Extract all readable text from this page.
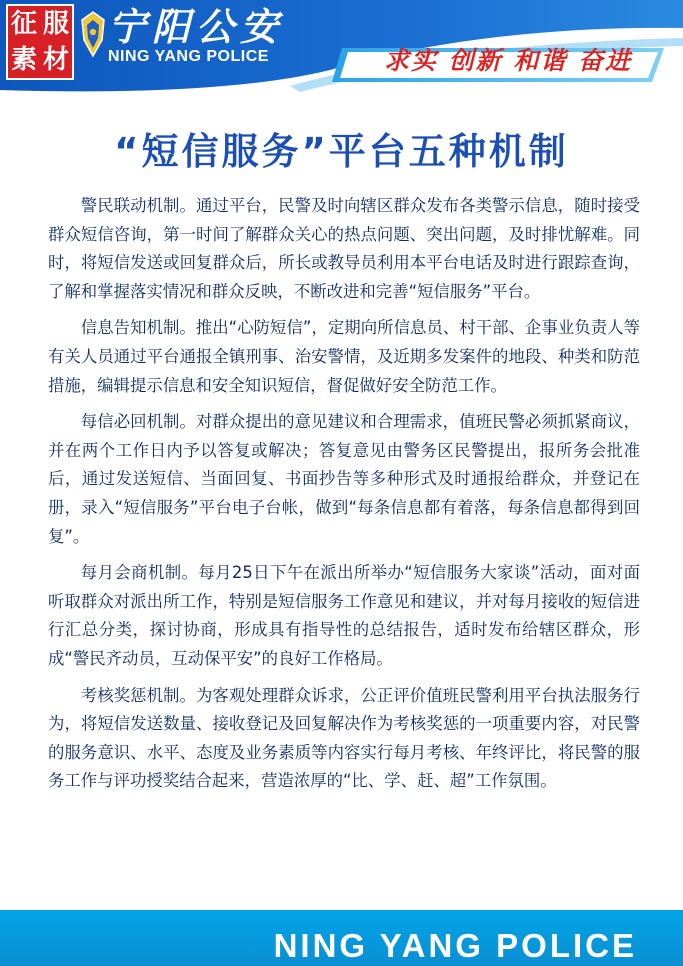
征 服
素 材
宁阳公安
NING YANG POLICE	求实 创新 和谐 奋进
“短信服务”平台五种机制

警民联动机制。通过平台，民警及时向辖区群众发布各类警示信息，随时接受群众短信咨询，第一时间了解群众关心的热点问题、突出问题，及时排忧解难。同时，将短信发送或回复群众后，所长或教导员利用本平台电话及时进行跟踪查询，了解和掌握落实情况和群众反映，不断改进和完善“短信服务”平台。

信息告知机制。推出“心防短信”，定期向所信息员、村干部、企事业负责人等有关人员通过平台通报全镇刑事、治安警情，及近期多发案件的地段、种类和防范措施，编辑提示信息和安全知识短信，督促做好安全防范工作。

每信必回机制。对群众提出的意见建议和合理需求，值班民警必须抓紧商议，并在两个工作日内予以答复或解决；答复意见由警务区民警提出，报所务会批准后，通过发送短信、当面回复、书面抄告等多种形式及时通报给群众，并登记在册，录入“短信服务”平台电子台帐，做到“每条信息都有着落，每条信息都得到回复”。

每月会商机制。每月25日下午在派出所举办“短信服务大家谈”活动，面对面听取群众对派出所工作，特别是短信服务工作意见和建议，并对每月接收的短信进行汇总分类，探讨协商，形成具有指导性的总结报告，适时发布给辖区群众，形成“警民齐动员，互动保平安”的良好工作格局。

考核奖惩机制。为客观处理群众诉求，公正评价值班民警利用平台执法服务行为，将短信发送数量、接收登记及回复解决作为考核奖惩的一项重要内容，对民警的服务意识、水平、态度及业务素质等内容实行每月考核、年终评比，将民警的服务工作与评功授奖结合起来，营造浓厚的“比、学、赶、超”工作氛围。

NING YANG POLICE
